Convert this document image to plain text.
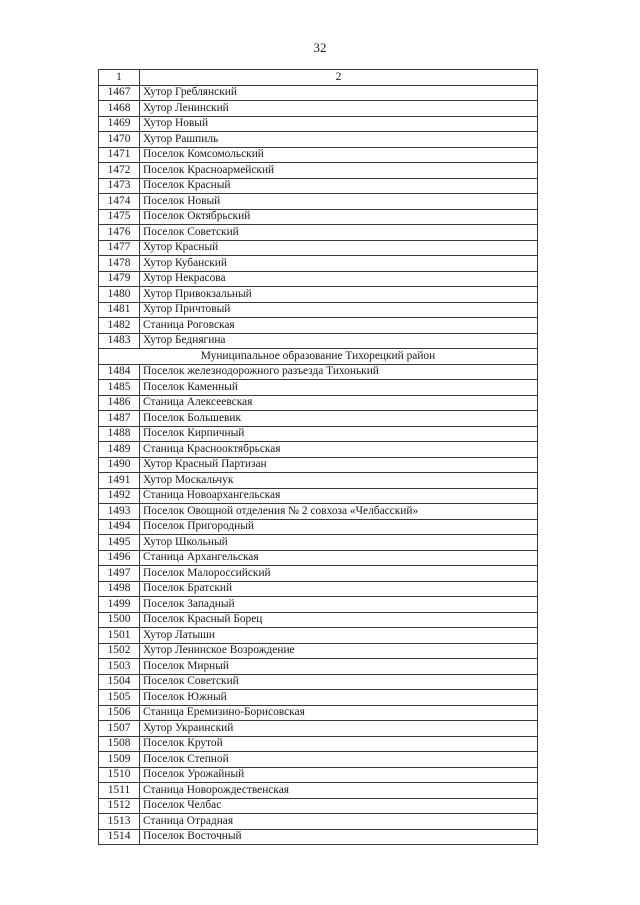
32
1	2
1467	Хутор Греблянский
1468	Хутор Ленинский
1469	Хутор Новый
1470	Хутор Рашпиль
1471	Поселок Комсомольский
1472	Поселок Красноармейский
1473	Поселок Красный
1474	Поселок Новый
1475	Поселок Октябрьский
1476	Поселок Советский
1477	Хутор Красный
1478	Хутор Кубанский
1479	Хутор Некрасова
1480	Хутор Привокзальный
1481	Хутор Причтовый
1482	Станица Роговская
1483	Хутор Беднягина
Муниципальное образование Тихорецкий район	
1484	Поселок железнодорожного разъезда Тихонький
1485	Поселок Каменный
1486	Станица Алексеевская
1487	Поселок Большевик
1488	Поселок Кирпичный
1489	Станица Краснооктябрьская
1490	Хутор Красный Партизан
1491	Хутор Москальчук
1492	Станица Новоархангельская
1493	Поселок Овощной отделения № 2 совхоза «Челбасский»
1494	Поселок Пригородный
1495	Хутор Школьный
1496	Станица Архангельская
1497	Поселок Малороссийский
1498	Поселок Братский
1499	Поселок Западный
1500	Поселок Красный Борец
1501	Хутор Латыши
1502	Хутор Ленинское Возрождение
1503	Поселок Мирный
1504	Поселок Советский
1505	Поселок Южный
1506	Станица Еремизино-Борисовская
1507	Хутор Украинский
1508	Поселок Крутой
1509	Поселок Степной
1510	Поселок Урожайный
1511	Станица Новорождественская
1512	Поселок Челбас
1513	Станица Отрадная
1514	Поселок Восточный
